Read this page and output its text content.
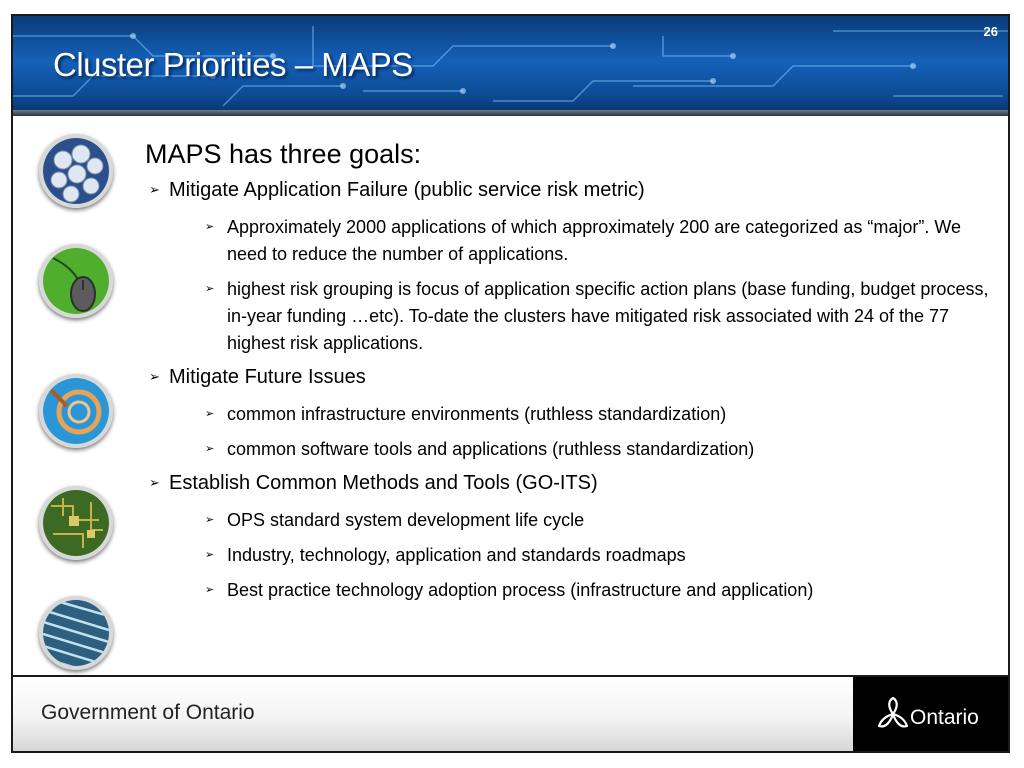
Cluster Priorities – MAPS
26

MAPS has three goals:

➢ Mitigate Application Failure (public service risk metric)

➢ Approximately 2000 applications of which approximately 200 are categorized as “major”. We need to reduce the number of applications.

➢ highest risk grouping is focus of application specific action plans (base funding, budget process, in-year funding …etc). To-date the clusters have mitigated risk associated with 24 of the 77 highest risk applications.

➢ Mitigate Future Issues

➢ common infrastructure environments (ruthless standardization)

➢ common software tools and applications (ruthless standardization)

➢ Establish Common Methods and Tools (GO-ITS)

➢ OPS standard system development life cycle

➢ Industry, technology, application and standards roadmaps

➢ Best practice technology adoption process (infrastructure and application)

Government of Ontario	Ontario
